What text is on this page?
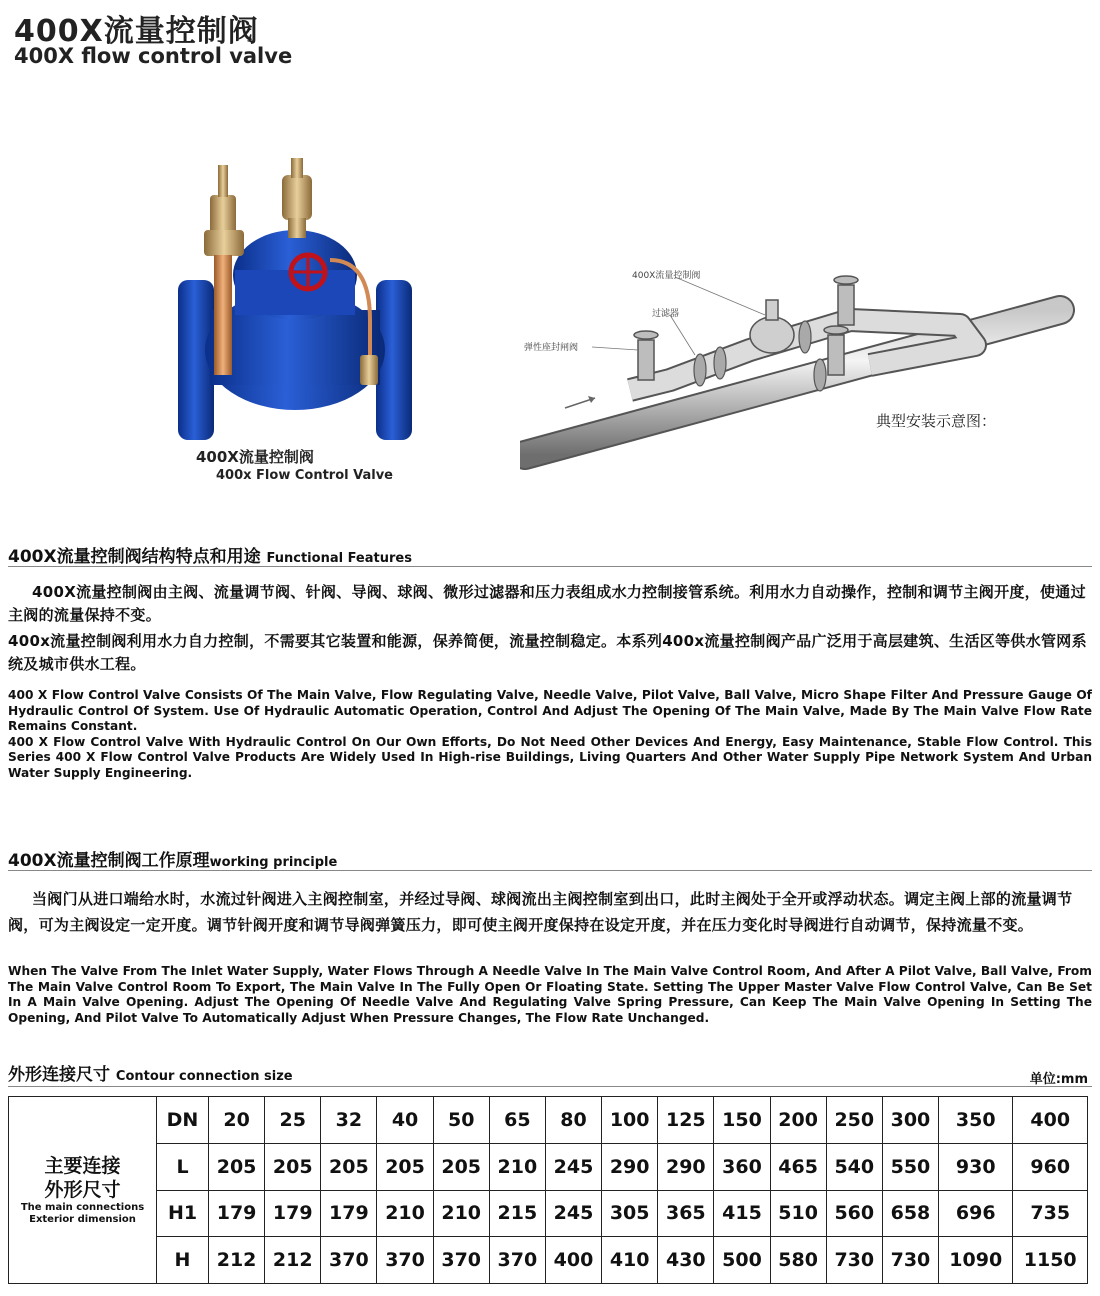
400X流量控制阀
400X flow control valve
400X流量控制阀
400x Flow Control Valve
400X流量控制阀
过滤器
弹性座封闸阀
典型安装示意图：
400X流量控制阀结构特点和用途 Functional Features
400X流量控制阀由主阀、流量调节阀、针阀、导阀、球阀、微形过滤器和压力表组成水力控制接管系统。利用水力自动操作，控制和调节主阀开度，使通过主阀的流量保持不变。
400x流量控制阀利用水力自力控制，不需要其它装置和能源，保养简便，流量控制稳定。本系列400x流量控制阀产品广泛用于高层建筑、生活区等供水管网系统及城市供水工程。

400 X Flow Control Valve Consists Of The Main Valve, Flow Regulating Valve, Needle Valve, Pilot Valve, Ball Valve, Micro Shape Filter And Pressure Gauge Of Hydraulic Control Of System. Use Of Hydraulic Automatic Operation, Control And Adjust The Opening Of The Main Valve, Made By The Main Valve Flow Rate Remains Constant.

400 X Flow Control Valve With Hydraulic Control On Our Own Efforts, Do Not Need Other Devices And Energy, Easy Maintenance, Stable Flow Control. This Series 400 X Flow Control Valve Products Are Widely Used In High-rise Buildings, Living Quarters And Other Water Supply Pipe Network System And Urban Water Supply Engineering.

400X流量控制阀工作原理working principle
当阀门从进口端给水时，水流过针阀进入主阀控制室，并经过导阀、球阀流出主阀控制室到出口，此时主阀处于全开或浮动状态。调定主阀上部的流量调节阀，可为主阀设定一定开度。调节针阀开度和调节导阀弹簧压力，即可使主阀开度保持在设定开度，并在压力变化时导阀进行自动调节，保持流量不变。
When The Valve From The Inlet Water Supply, Water Flows Through A Needle Valve In The Main Valve Control Room, And After A Pilot Valve, Ball Valve, From The Main Valve Control Room To Export, The Main Valve In The Fully Open Or Floating State. Setting The Upper Master Valve Flow Control Valve, Can Be Set In A Main Valve Opening. Adjust The Opening Of Needle Valve And Regulating Valve Spring Pressure, Can Keep The Main Valve Opening In Setting The Opening, And Pilot Valve To Automatically Adjust When Pressure Changes, The Flow Rate Unchanged.
外形连接尺寸 Contour connection size	单位:mm
主要连接
外形尺寸
The main connections
Exterior dimension	DN	20	25	32	40	50	65	80	100	125	150	200	250	300	350	400
	L	205	205	205	205	205	210	245	290	290	360	465	540	550	930	960
	H1	179	179	179	210	210	215	245	305	365	415	510	560	658	696	735
	H	212	212	370	370	370	370	400	410	430	500	580	730	730	1090	1150
